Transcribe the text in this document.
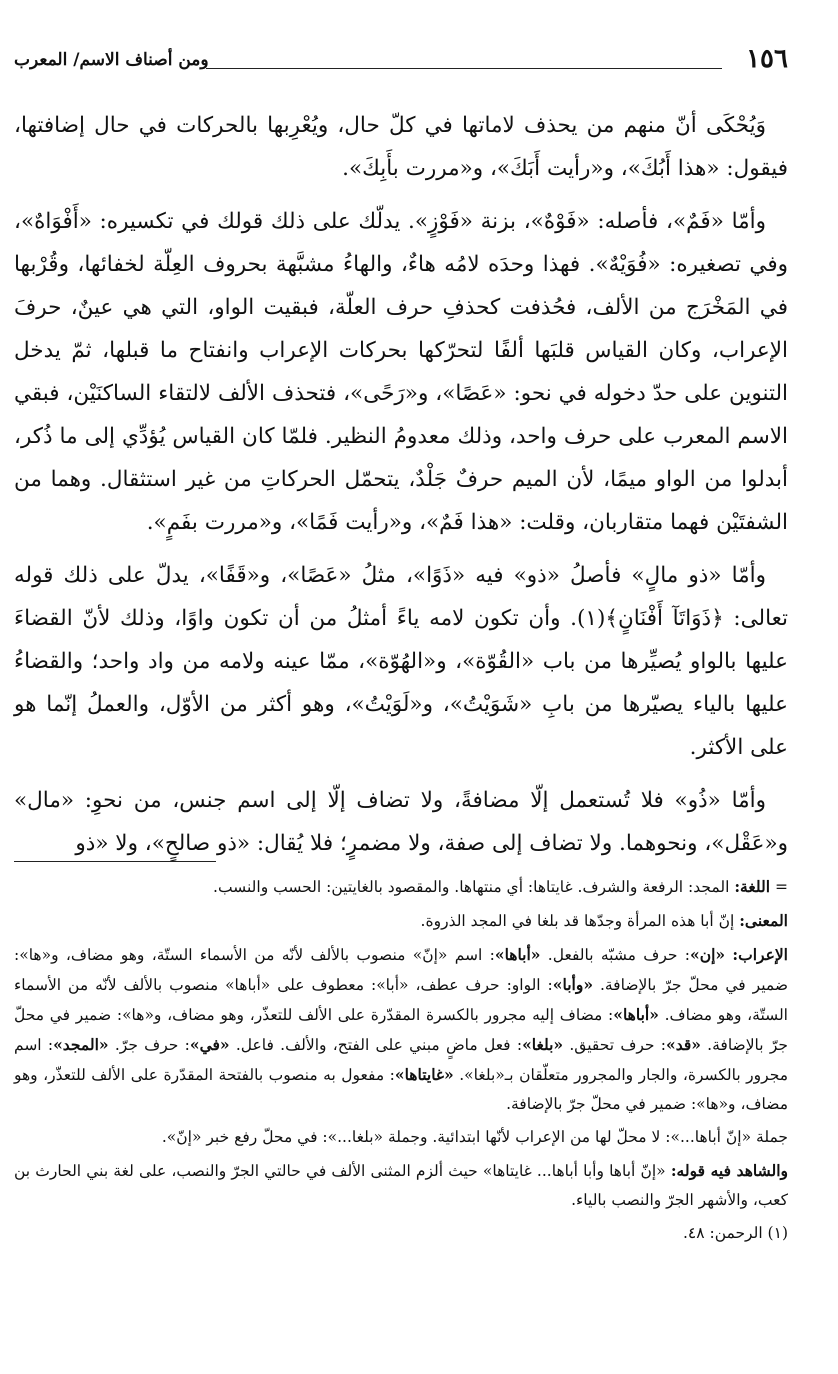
١٥٦
ومن أصناف الاسم/ المعرب

وَيُحْكَى أنّ منهم من يحذف لاماتها في كلّ حال، ويُعْرِبها بالحركات في حال إضافتها، فيقول: «هذا أَبُكَ»، و«رأيت أَبَكَ»، و«مررت بأَبِكَ».

وأمّا «فَمٌ»، فأصله: «فَوْهٌ»، بزنة «فَوْزٍ». يدلّك على ذلك قولك في تكسيره: «أَفْوَاهٌ»، وفي تصغيره: «فُوَيْهٌ». فهذا وحدَه لامُه هاءٌ، والهاءُ مشبَّهة بحروف العِلّة لخفائها، وقُرْبها في المَخْرَج من الألف، فحُذفت كحذفِ حرف العلّة، فبقيت الواو، التي هي عينٌ، حرفَ الإعراب، وكان القياس قلبَها ألفًا لتحرّكها بحركات الإعراب وانفتاح ما قبلها، ثمّ يدخل التنوين على حدّ دخوله في نحو: «عَصًا»، و«رَحًى»، فتحذف الألف لالتقاء الساكنَيْن، فبقي الاسم المعرب على حرف واحد، وذلك معدومُ النظير. فلمّا كان القياس يُؤدِّي إلى ما ذُكر، أبدلوا من الواو ميمًا، لأن الميم حرفٌ جَلْدٌ، يتحمّل الحركاتِ من غير استثقال. وهما من الشفتَيْن فهما متقاربان، وقلت: «هذا فَمٌ»، و«رأيت فَمًا»، و«مررت بفَمٍ».

وأمّا «ذو مالٍ» فأصلُ «ذو» فيه «ذَوًا»، مثلُ «عَصًا»، و«قَفًا»، يدلّ على ذلك قوله تعالى: ﴿ذَوَاتَآ أَفْنَانٍ﴾(١). وأن تكون لامه ياءً أمثلُ من أن تكون واوًا، وذلك لأنّ القضاءَ عليها بالواو يُصيِّرها من باب «القُوّة»، و«الهُوّة»، ممّا عينه ولامه من واد واحد؛ والقضاءُ عليها بالياء يصيّرها من بابِ «شَوَيْتُ»، و«لَوَيْتُ»، وهو أكثر من الأوّل، والعملُ إنّما هو على الأكثر.

وأمّا «ذُو» فلا تُستعمل إلّا مضافةً، ولا تضاف إلّا إلى اسم جنس، من نحوِ: «مال» و«عَقْل»، ونحوهما. ولا تضاف إلى صفة، ولا مضمرٍ؛ فلا يُقال: «ذو صالحٍ»، ولا «ذو

=اللغة: المجد: الرفعة والشرف. غايتاها: أي منتهاها. والمقصود بالغايتين: الحسب والنسب.

المعنى: إنّ أبا هذه المرأة وجدّها قد بلغا في المجد الذروة.

الإعراب: «إن»: حرف مشبّه بالفعل. «أباها»: اسم «إنّ» منصوب بالألف لأنّه من الأسماء الستّة، وهو مضاف، و«ها»: ضمير في محلّ جرّ بالإضافة. «وأبا»: الواو: حرف عطف، «أبا»: معطوف على «أباها» منصوب بالألف لأنّه من الأسماء الستّة، وهو مضاف. «أباها»: مضاف إليه مجرور بالكسرة المقدّرة على الألف للتعذّر، وهو مضاف، و«ها»: ضمير في محلّ جرّ بالإضافة. «قد»: حرف تحقيق. «بلغا»: فعل ماضٍ مبني على الفتح، والألف. فاعل. «في»: حرف جرّ. «المجد»: اسم مجرور بالكسرة، والجار والمجرور متعلّقان بـ«بلغا». «غايتاها»: مفعول به منصوب بالفتحة المقدّرة على الألف للتعذّر، وهو مضاف، و«ها»: ضمير في محلّ جرّ بالإضافة.

جملة «إنّ أباها...»: لا محلّ لها من الإعراب لأنّها ابتدائية. وجملة «بلغا...»: في محلّ رفع خبر «إنّ».

والشاهد فيه قوله: «إنّ أباها وأبا أباها... غايتاها» حيث ألزم المثنى الألف في حالتي الجرّ والنصب، على لغة بني الحارث بن كعب، والأشهر الجرّ والنصب بالياء.

(١) الرحمن: ٤٨.
